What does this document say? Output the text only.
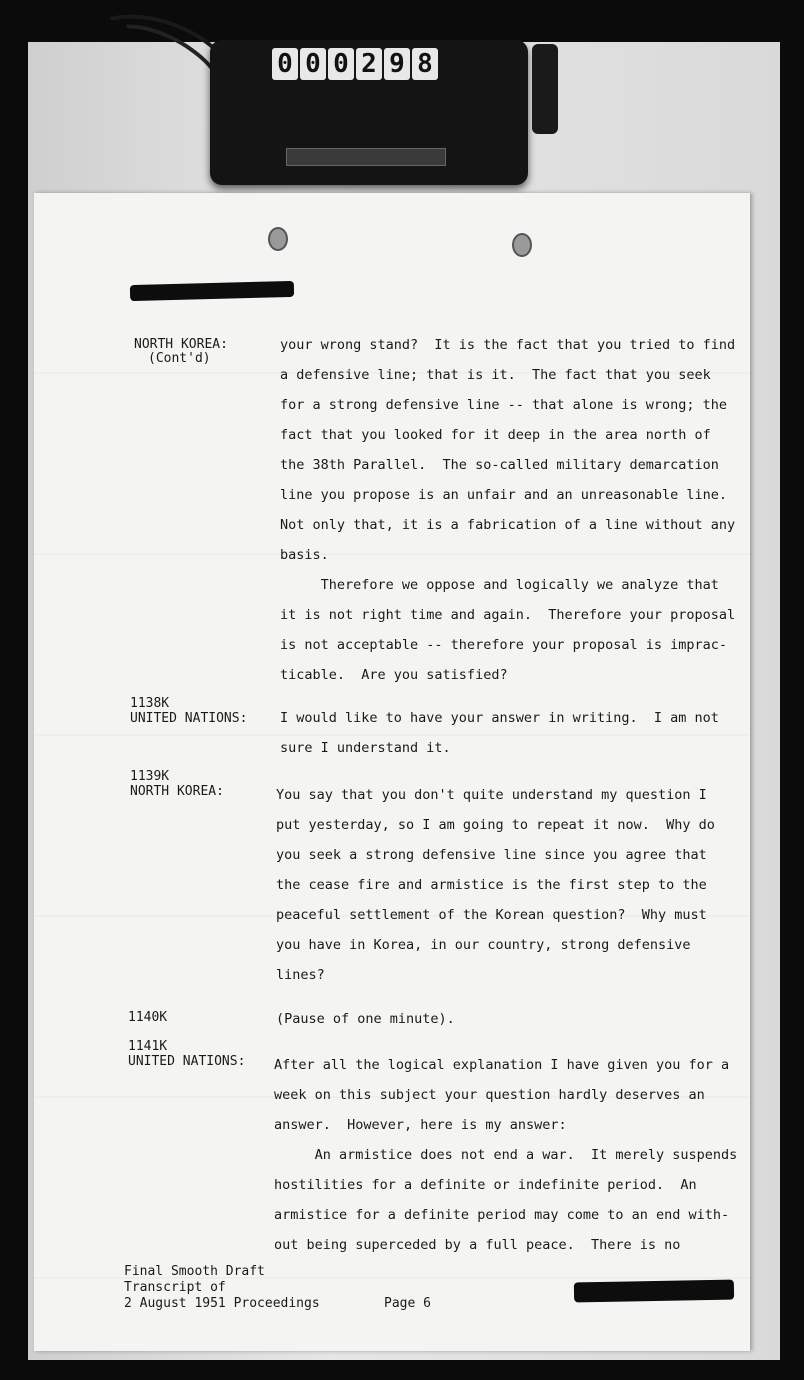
0 0 0 2 9 8
NORTH KOREA:
(Cont'd)
your wrong stand?  It is the fact that you tried to find
a defensive line; that is it.  The fact that you seek
for a strong defensive line -- that alone is wrong; the
fact that you looked for it deep in the area north of
the 38th Parallel.  The so-called military demarcation
line you propose is an unfair and an unreasonable line.
Not only that, it is a fabrication of a line without any
basis.
Therefore we oppose and logically we analyze that
it is not right time and again.  Therefore your proposal
is not acceptable -- therefore your proposal is imprac-
ticable.  Are you satisfied?
1138K
UNITED NATIONS: I would like to have your answer in writing.  I am not
sure I understand it.
1139K
NORTH KOREA:	You say that you don't quite understand my question I
put yesterday, so I am going to repeat it now.  Why do
you seek a strong defensive line since you agree that
the cease fire and armistice is the first step to the
peaceful settlement of the Korean question?  Why must
you have in Korea, in our country, strong defensive
lines?
1140K	(Pause of one minute).
1141K
UNITED NATIONS: After all the logical explanation I have given you for a
week on this subject your question hardly deserves an
answer.  However, here is my answer:
An armistice does not end a war.  It merely suspends
hostilities for a definite or indefinite period.  An
armistice for a definite period may come to an end with-
out being superceded by a full peace.  There is no
Final Smooth Draft
Transcript of
2 August 1951 Proceedings	Page 6
